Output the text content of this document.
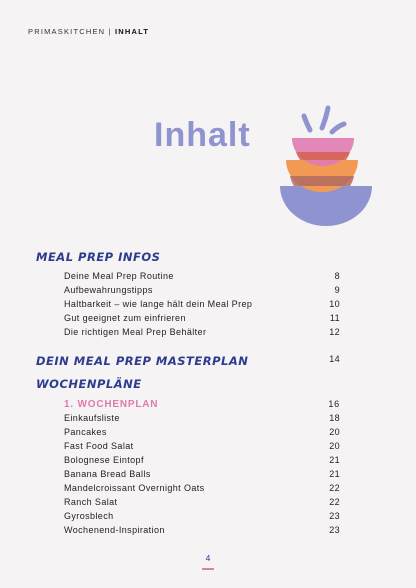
PRIMASKITCHEN | INHALT
Inhalt
MEAL PREP INFOS
Deine Meal Prep Routine	8
Aufbewahrungstipps	9
Haltbarkeit – wie lange hält dein Meal Prep	10
Gut geeignet zum einfrieren	11
Die richtigen Meal Prep Behälter	12
DEIN MEAL PREP MASTERPLAN	14
WOCHENPLÄNE
1. WOCHENPLAN	16
Einkaufsliste	18
Pancakes	20
Fast Food Salat	20
Bolognese Eintopf	21
Banana Bread Balls	21
Mandelcroissant Overnight Oats	22
Ranch Salat	22
Gyrosblech	23
Wochenend-Inspiration	23
4
